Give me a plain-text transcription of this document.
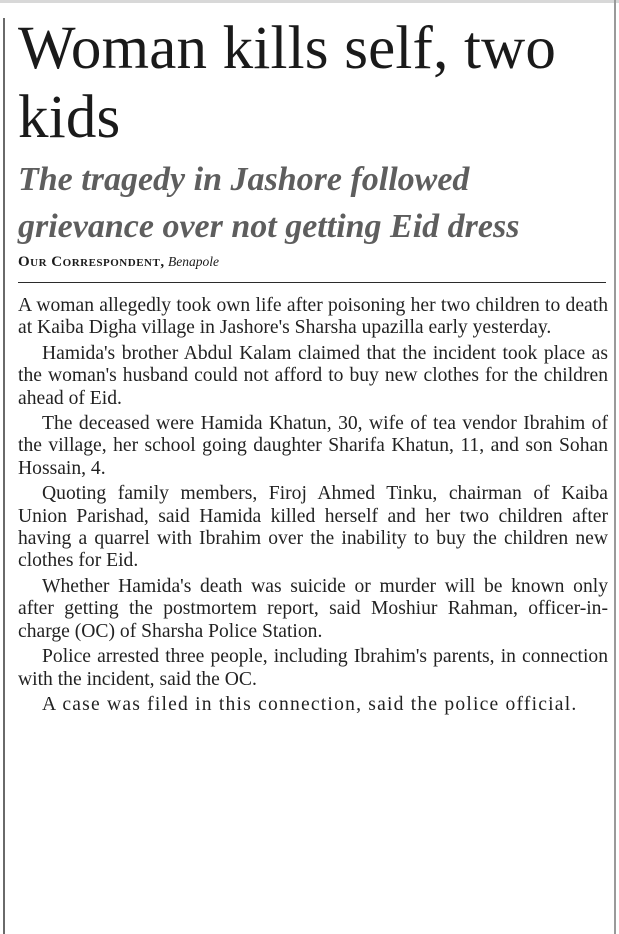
Woman kills self, two kids
The tragedy in Jashore followed grievance over not getting Eid dress
Our Correspondent, Benapole

A woman allegedly took own life after poisoning her two children to death at Kaiba Digha village in Jashore's Sharsha upazilla early yesterday.

Hamida's brother Abdul Kalam claimed that the incident took place as the woman's husband could not afford to buy new clothes for the children ahead of Eid.

The deceased were Hamida Khatun, 30, wife of tea vendor Ibrahim of the village, her school going daughter Sharifa Khatun, 11, and son Sohan Hossain, 4.

Quoting family members, Firoj Ahmed Tinku, chairman of Kaiba Union Parishad, said Hamida killed herself and her two children after having a quarrel with Ibrahim over the inability to buy the children new clothes for Eid.

Whether Hamida's death was suicide or murder will be known only after getting the postmortem report, said Moshiur Rahman, officer-in-charge (OC) of Sharsha Police Station.

Police arrested three people, including Ibrahim's parents, in connection with the incident, said the OC.

A case was filed in this connection, said the police official.
